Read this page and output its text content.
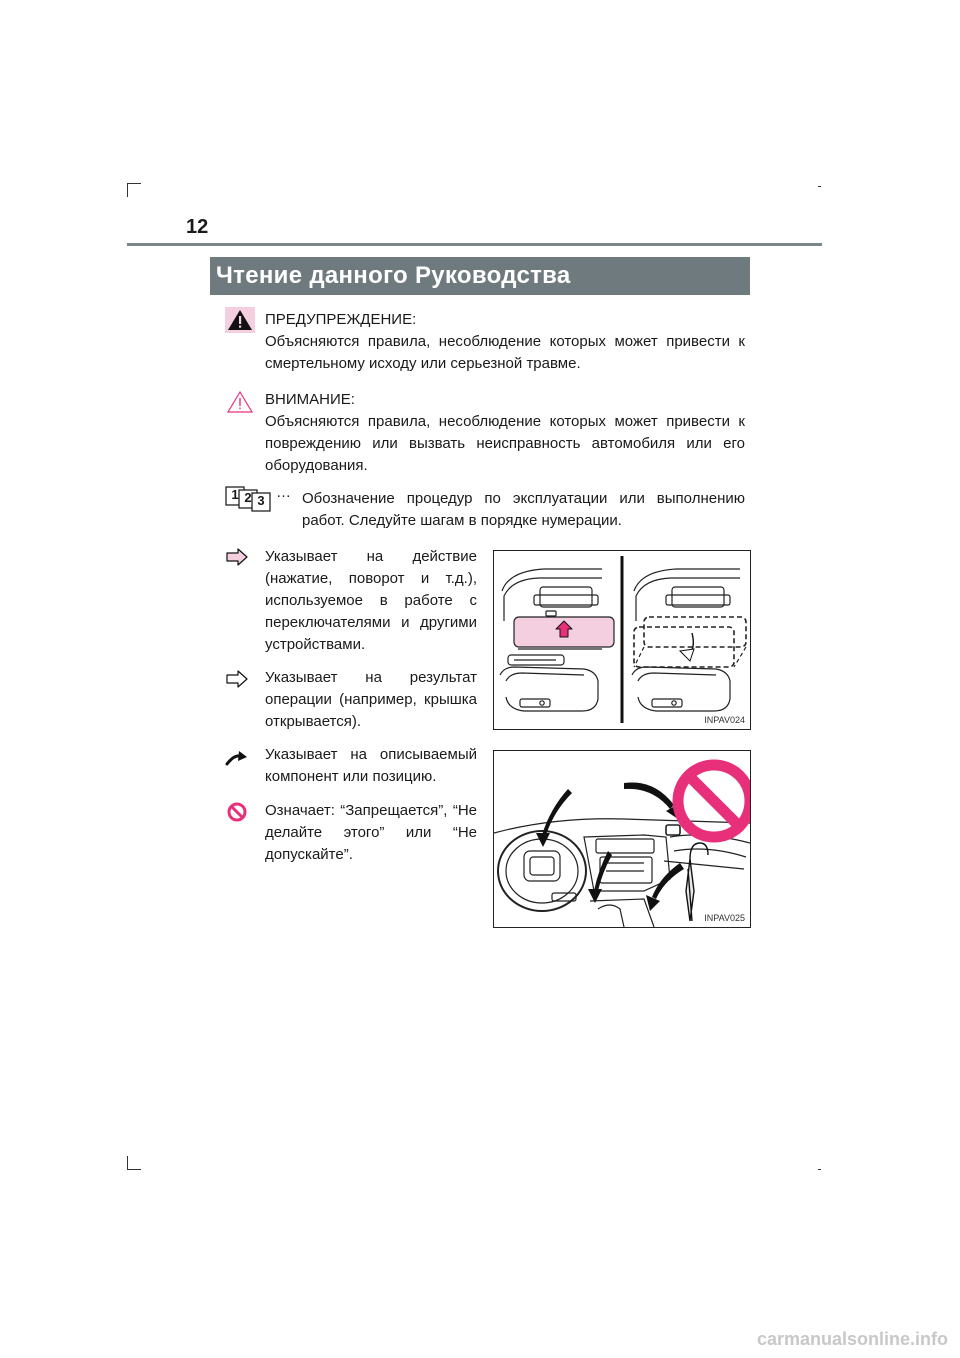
12
Чтение данного Руководства
ПРЕДУПРЕЖДЕНИЕ:
Объясняются правила, несоблюдение которых может привести к смертельному исходу или серьезной травме.
ВНИМАНИЕ:
Объясняются правила, несоблюдение которых может привести к повреждению или вызвать неисправность автомобиля или его оборудования.
1 2 3 … Обозначение процедур по эксплуатации или выполнению работ. Следуйте шагам в порядке нумерации.
Указывает на действие (нажатие, поворот и т.д.), используемое в работе с переключателями и другими устройствами.
Указывает на результат операции (например, крышка открывается).
Указывает на описываемый компонент или позицию.
Означает: “Запрещается”, “Не делайте этого” или “Не допускайте”.
INPAV024
INPAV025
carmanualsonline.info
